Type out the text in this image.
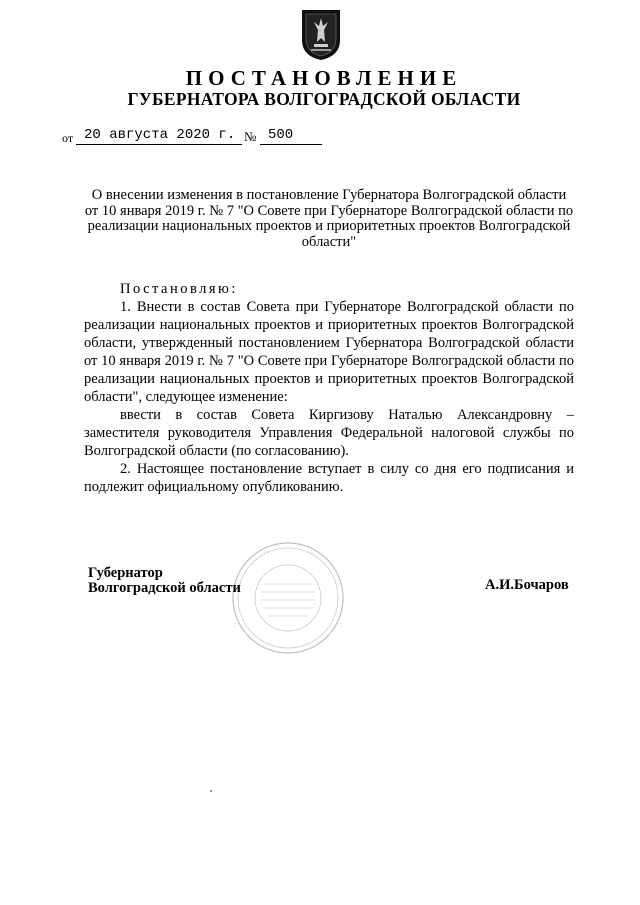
ПОСТАНОВЛЕНИЕ
ГУБЕРНАТОРА ВОЛГОГРАДСКОЙ ОБЛАСТИ
от 20 августа 2020 г. № 500
О внесении изменения в постановление Губернатора Волгоградской области от 10 января 2019 г. № 7 "О Совете при Губернаторе Волгоградской области по реализации национальных проектов и приоритетных проектов Волгоградской области"

Постановляю:

1. Внести в состав Совета при Губернаторе Волгоградской области по реализации национальных проектов и приоритетных проектов Волгоградской области, утвержденный постановлением Губернатора Волгоградской области от 10 января 2019 г. № 7 "О Совете при Губернаторе Волгоградской области по реализации национальных проектов и приоритетных проектов Волгоградской области", следующее изменение:

ввести в состав Совета Киргизову Наталью Александровну – заместителя руководителя Управления Федеральной налоговой службы по Волгоградской области (по согласованию).

2. Настоящее постановление вступает в силу со дня его подписания и подлежит официальному опубликованию.

Губернатор
Волгоградской области	А.И.Бочаров
